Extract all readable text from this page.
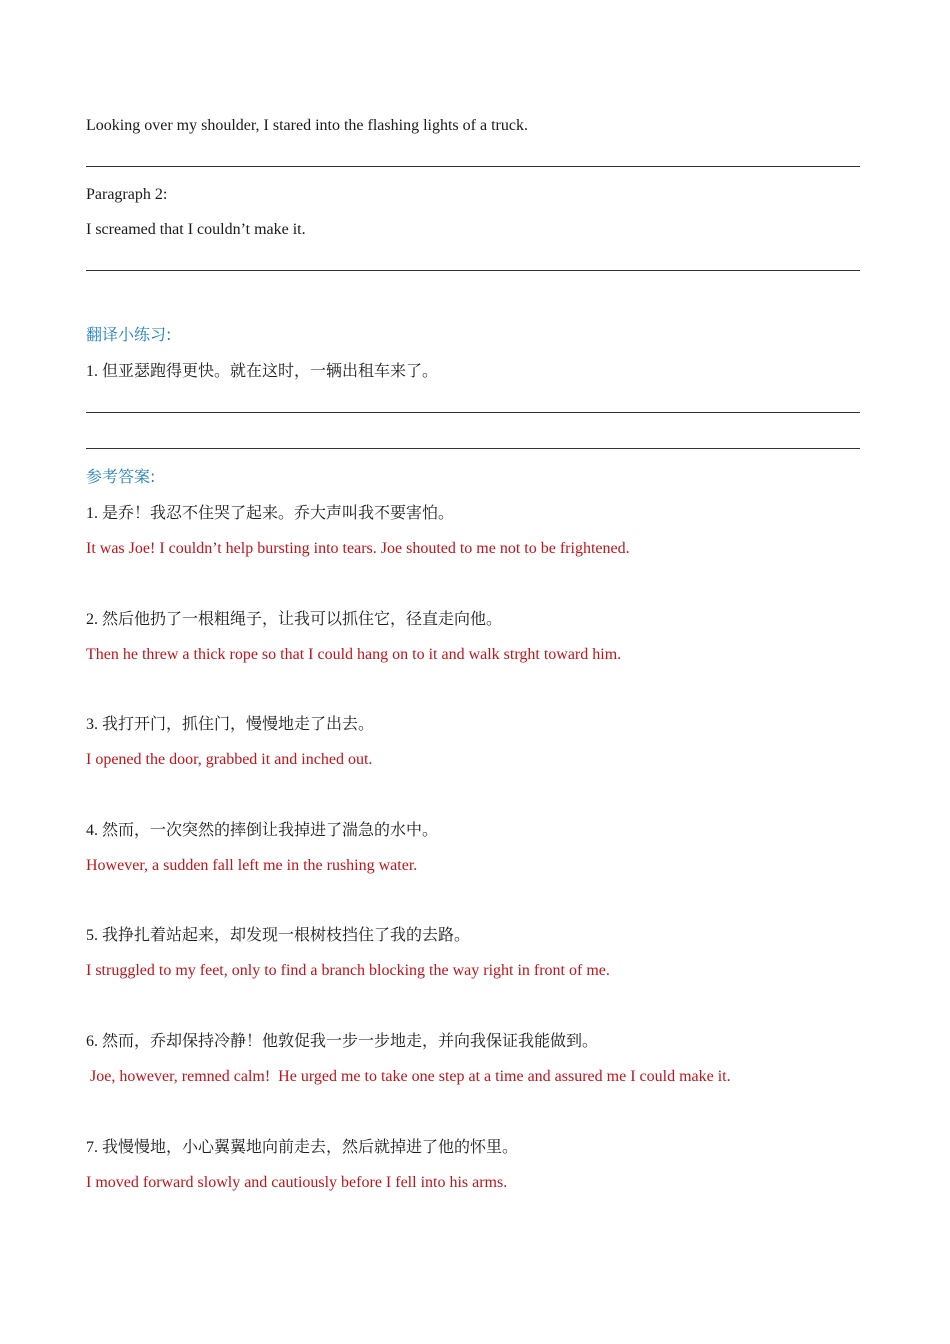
Looking over my shoulder, I stared into the flashing lights of a truck.
Paragraph 2:
I screamed that I couldn’t make it.
翻译小练习:
1. 但亚瑟跑得更快。就在这时，一辆出租车来了。
参考答案:
1. 是乔！我忍不住哭了起来。乔大声叫我不要害怕。
It was Joe! I couldn’t help bursting into tears. Joe shouted to me not to be frightened.
2. 然后他扔了一根粗绳子，让我可以抓住它，径直走向他。
Then he threw a thick rope so that I could hang on to it and walk strght toward him.
3. 我打开门，抓住门，慢慢地走了出去。
I opened the door, grabbed it and inched out.
4. 然而，一次突然的摔倒让我掉进了湍急的水中。
However, a sudden fall left me in the rushing water.
5. 我挣扎着站起来，却发现一根树枝挡住了我的去路。
I struggled to my feet, only to find a branch blocking the way right in front of me.
6. 然而，乔却保持冷静！他敦促我一步一步地走，并向我保证我能做到。
Joe, however, remned calm!  He urged me to take one step at a time and assured me I could make it.
7. 我慢慢地，小心翼翼地向前走去，然后就掉进了他的怀里。
I moved forward slowly and cautiously before I fell into his arms.
